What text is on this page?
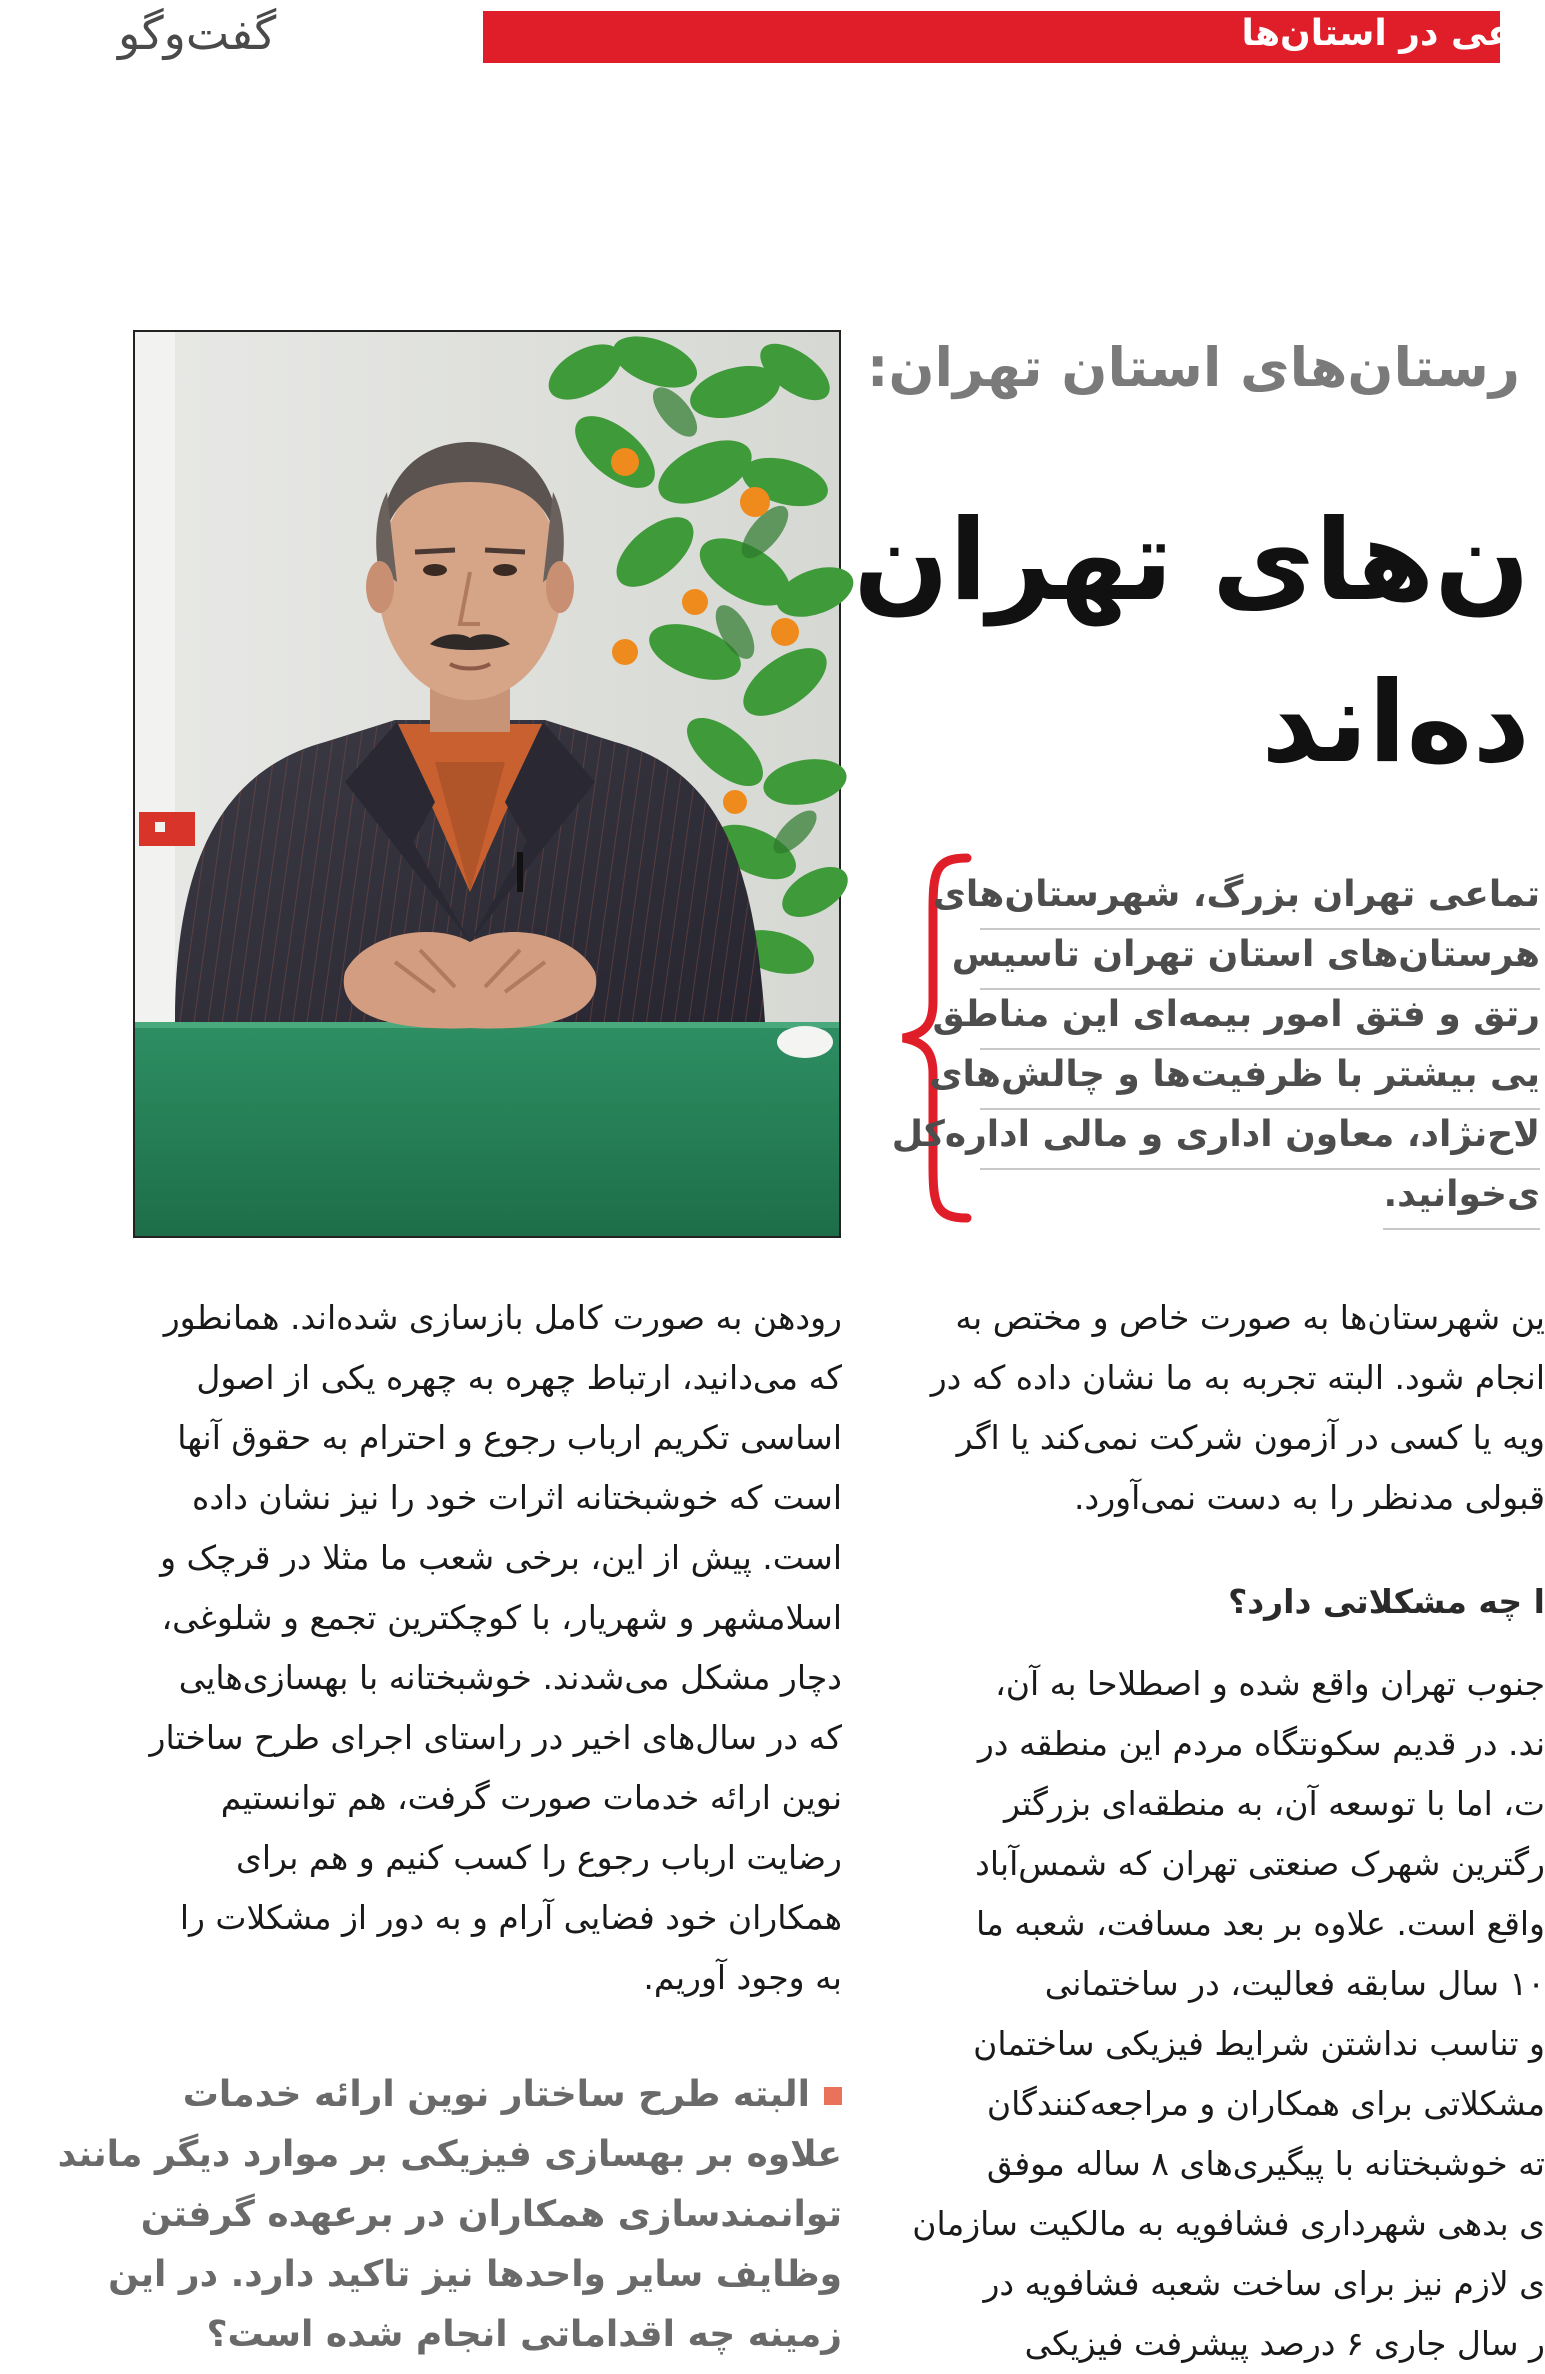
گفت‌وگو	عی در استان‌ها
رستان‌های استان تهران:
ن‌های تهران
ده‌اند
تماعی تهران بزرگ، شهرستان‌های
هرستان‌های استان تهران تاسیس
رتق و فتق امور بیمه‌ای این مناطق
یی بیشتر با ظرفیت‌ها و چالش‌های
لاح‌نژاد، معاون اداری و مالی اداره‌کل
ی‌خوانید.
ین شهرستان‌ها به صورت خاص و مختص به
انجام شود. البته تجربه به ما نشان داده که در
ویه یا کسی در آزمون شرکت نمی‌کند یا اگر
قبولی مدنظر را به دست نمی‌آورد.
ا چه مشکلاتی دارد؟
جنوب تهران واقع شده و اصطلاحا به آن،
ند. در قدیم سکونتگاه مردم این منطقه در
ت، اما با توسعه آن، به منطقه‌ای بزرگتر
رگترین شهرک صنعتی تهران که شمس‌آباد
واقع است. علاوه بر بعد مسافت، شعبه ما
۱۰ سال سابقه فعالیت، در ساختمانی
و تناسب نداشتن شرایط فیزیکی ساختمان
مشکلاتی برای همکاران و مراجعه‌کنندگان
ته خوشبختانه با پیگیری‌های ۸ ساله موفق
ی بدهی شهرداری فشافویه به مالکیت سازمان
ی لازم نیز برای ساخت شعبه فشافویه در
ر سال جاری ۶ درصد پیشرفت فیزیکی
رودهن به صورت کامل بازسازی شده‌اند. همانطور
که می‌دانید، ارتباط چهره به چهره یکی از اصول
اساسی تکریم ارباب رجوع و احترام به حقوق آنها
است که خوشبختانه اثرات خود را نیز نشان داده
است. پیش از این، برخی شعب ما مثلا در قرچک و
اسلامشهر و شهریار، با کوچکترین تجمع و شلوغی،
دچار مشکل می‌شدند. خوشبختانه با بهسازی‌هایی
که در سال‌های اخیر در راستای اجرای طرح ساختار
نوین ارائه خدمات صورت گرفت، هم توانستیم
رضایت ارباب رجوع را کسب کنیم و هم برای
همکاران خود فضایی آرام و به دور از مشکلات را
به وجود آوریم.
البته طرح ساختار نوین ارائه خدمات
علاوه بر بهسازی فیزیکی بر موارد دیگر مانند
توانمندسازی همکاران در برعهده گرفتن
وظایف سایر واحدها نیز تاکید دارد. در این
زمینه چه اقداماتی انجام شده است؟
